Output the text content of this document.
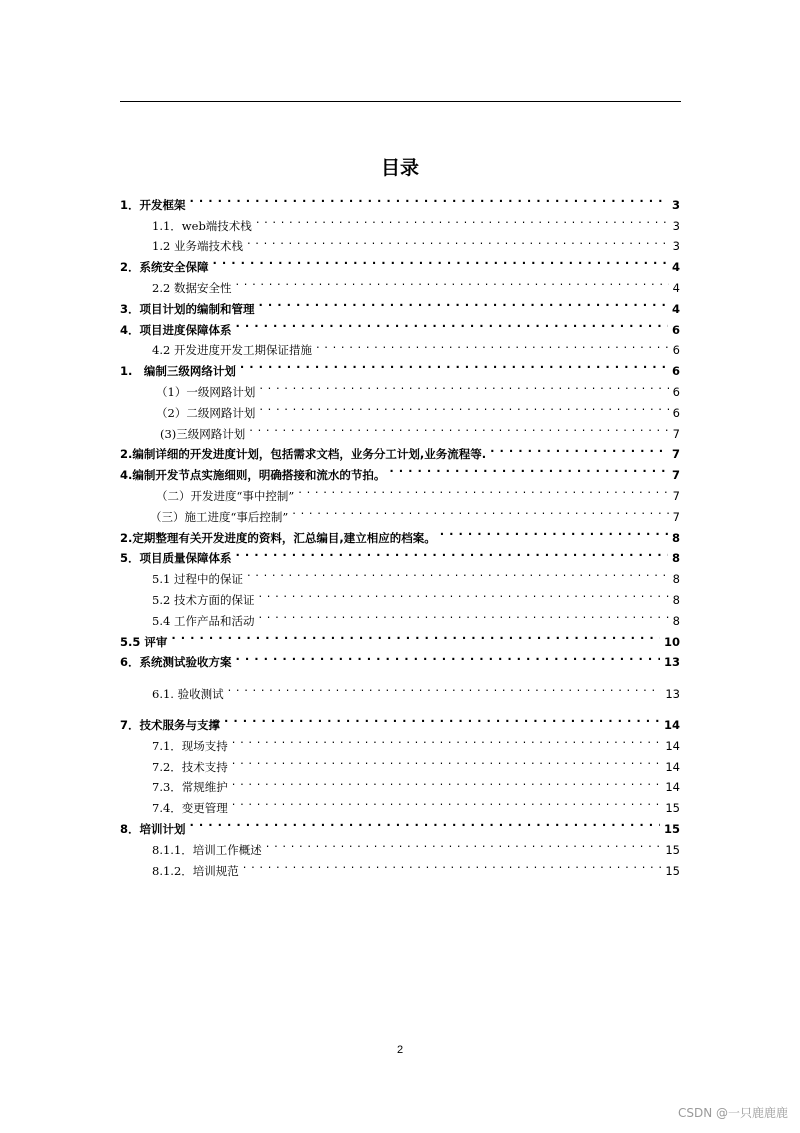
目录
1．开发框架 . . .	3
1.1．web端技术栈 . . .	3
1.2 业务端技术栈 . . .	3
2．系统安全保障 . . .	4
2.2 数据安全性 . . .	4
3．项目计划的编制和管理 . . .	4
4．项目进度保障体系 . . .	6
4.2 开发进度开发工期保证措施 . . .	6
1.　编制三级网络计划 . . .	6
（1）一级网路计划 . . .	6
（2）二级网路计划 . . .	6
(3)三级网路计划 . . .	7
2.编制详细的开发进度计划，包括需求文档，业务分工计划,业务流程等. . . .	7
4.编制开发节点实施细则，明确搭接和流水的节拍。 . . .	7
（二）开发进度“事中控制” . . .	7
（三）施工进度“事后控制” . . .	7
2.定期整理有关开发进度的资料，汇总编目,建立相应的档案。 . . .	8
5．项目质量保障体系 . . .	8
5.1 过程中的保证 . . .	8
5.2 技术方面的保证 . . .	8
5.4 工作产品和活动 . . .	8
5.5 评审 . . .	10
6．系统测试验收方案 . . .	13
6.1. 验收测试 . . .	13
7．技术服务与支撑 . . .	14
7.1．现场支持 . . .	14
7.2．技术支持 . . .	14
7.3．常规维护 . . .	14
7.4．变更管理 . . .	15
8．培训计划 . . .	15
8.1.1．培训工作概述 . . .	15
8.1.2．培训规范 . . .	15
2
CSDN @一只鹿鹿鹿
